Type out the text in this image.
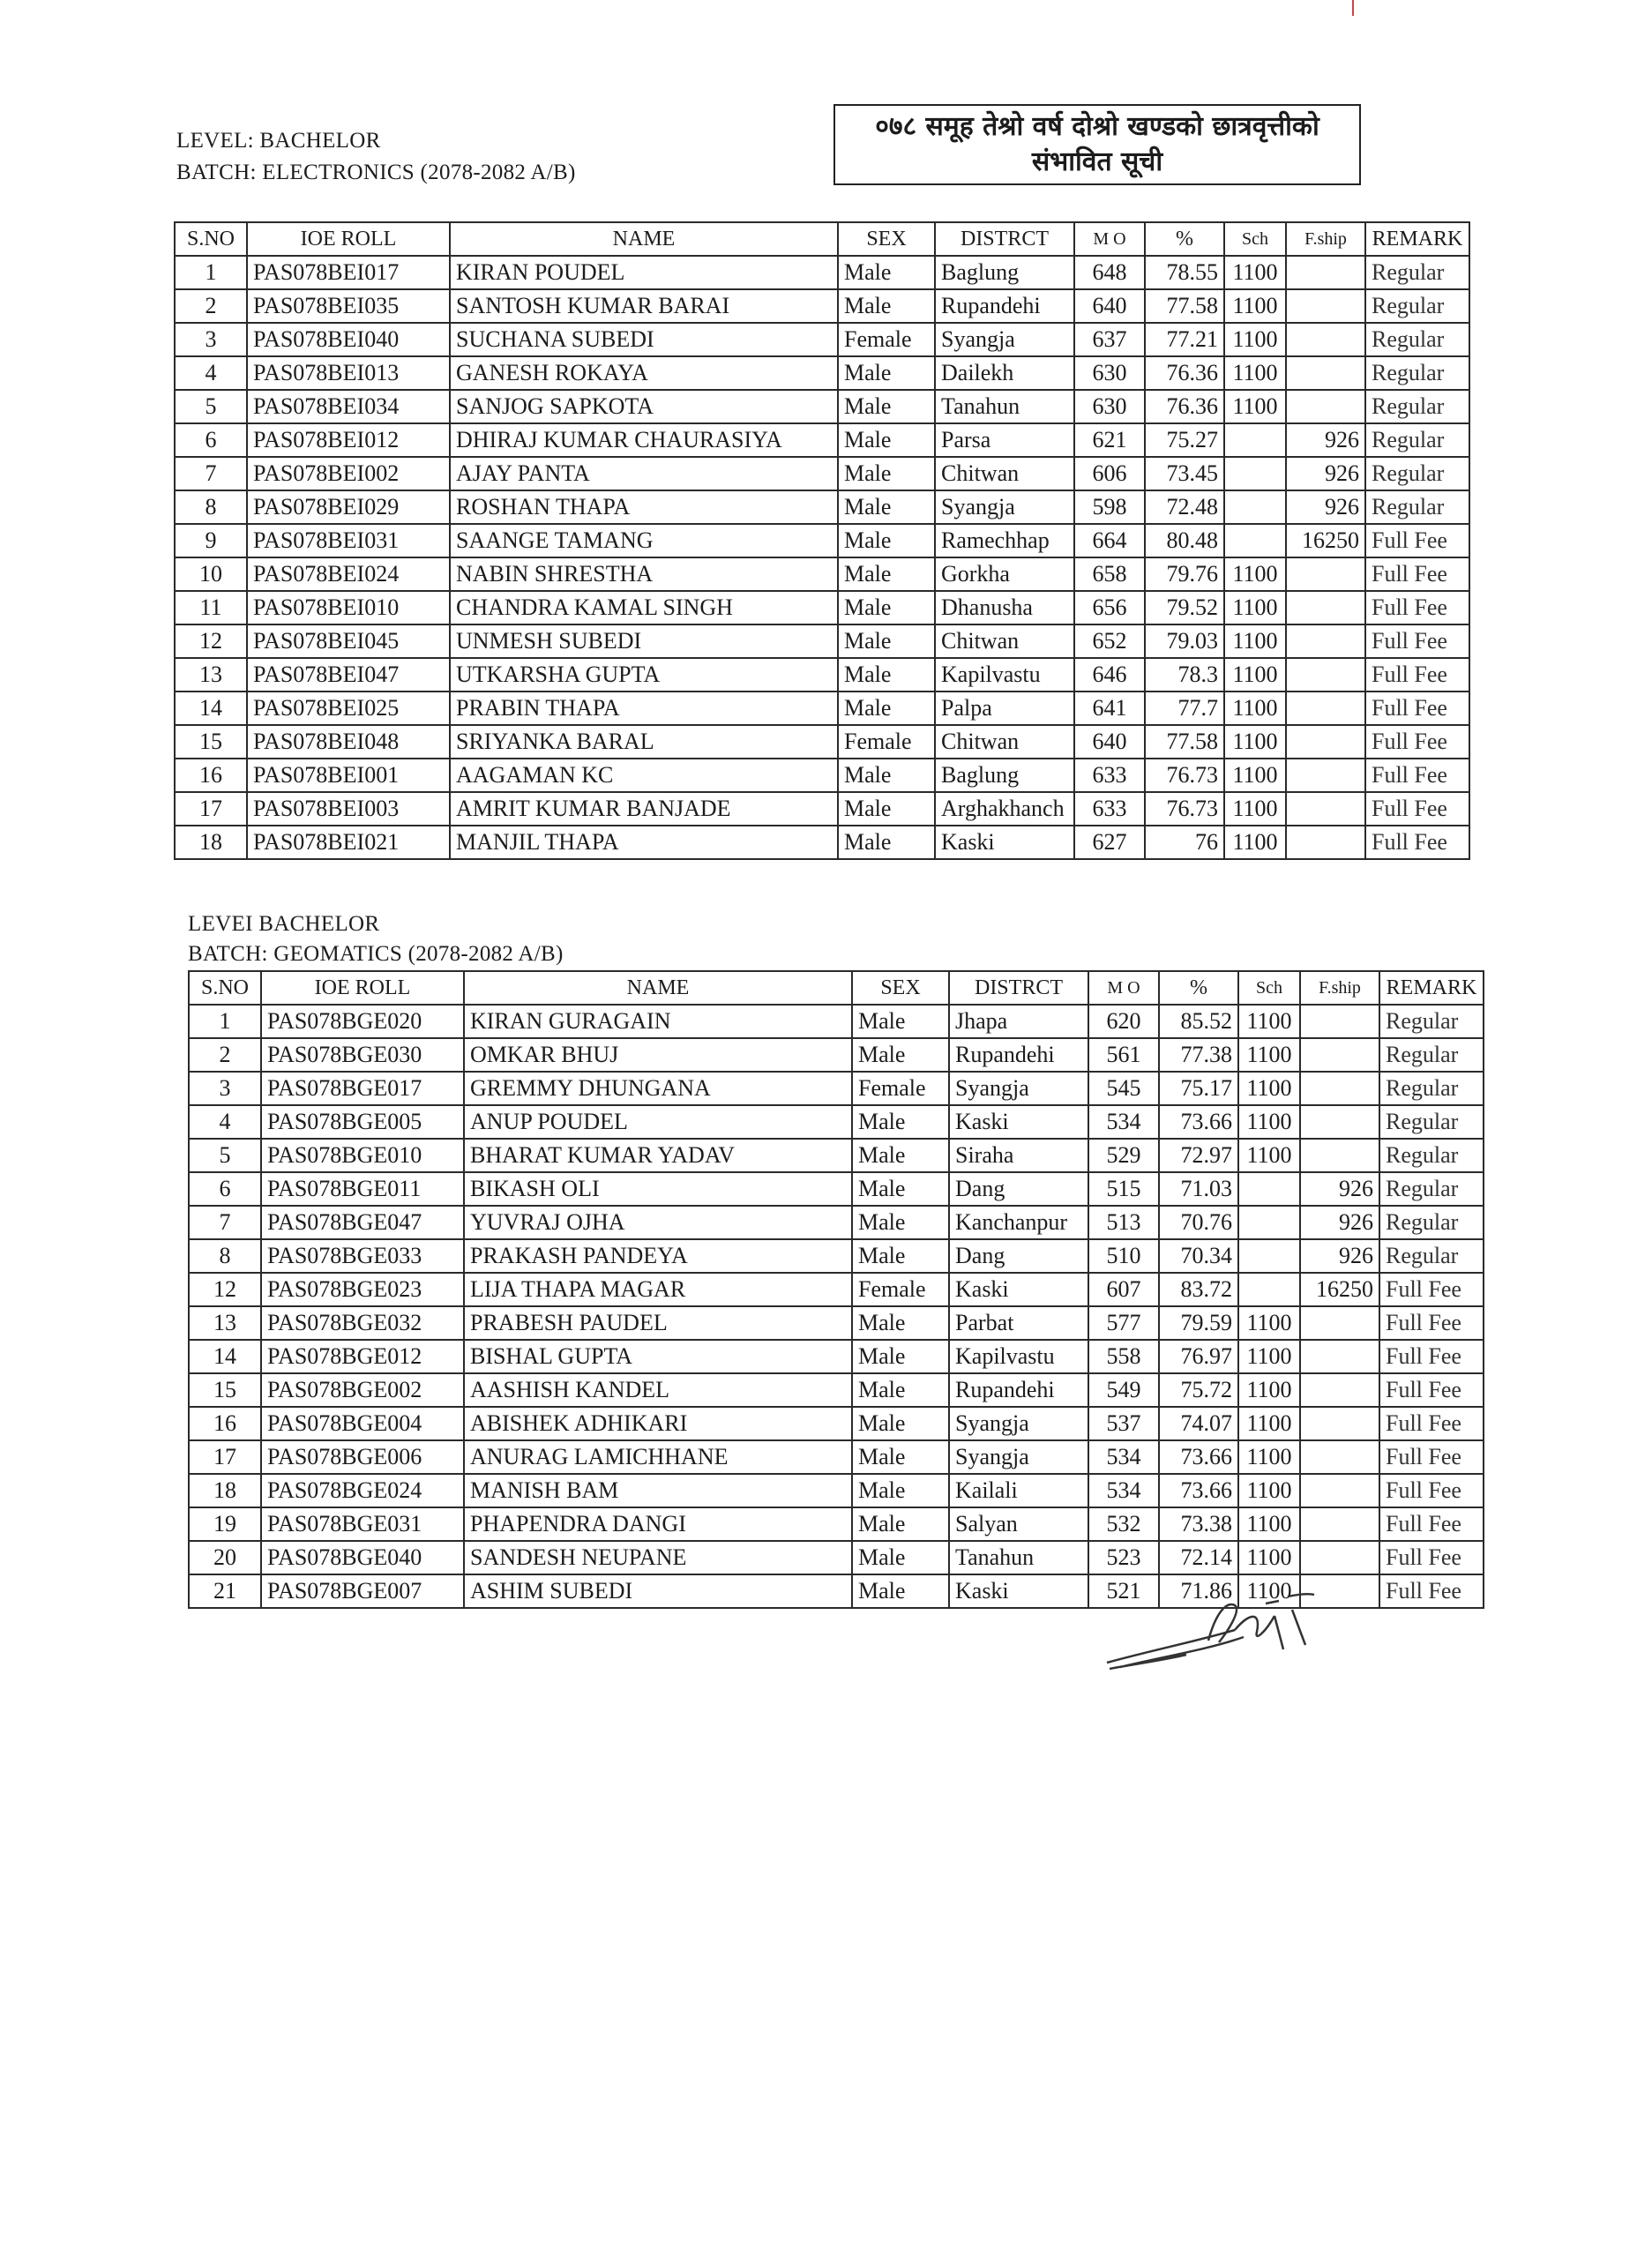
LEVEL: BACHELOR
BATCH: ELECTRONICS (2078-2082 A/B)
०७८ समूह तेश्रो वर्ष दोश्रो खण्डको छात्रवृत्तीको
संभावित सूची
S.NO	IOE ROLL	NAME	SEX	DISTRCT	M O	%	Sch	F.ship	REMARK
1	PAS078BEI017	KIRAN POUDEL	Male	Baglung	648	78.55	1100		Regular
2	PAS078BEI035	SANTOSH KUMAR BARAI	Male	Rupandehi	640	77.58	1100		Regular
3	PAS078BEI040	SUCHANA SUBEDI	Female	Syangja	637	77.21	1100		Regular
4	PAS078BEI013	GANESH ROKAYA	Male	Dailekh	630	76.36	1100		Regular
5	PAS078BEI034	SANJOG SAPKOTA	Male	Tanahun	630	76.36	1100		Regular
6	PAS078BEI012	DHIRAJ KUMAR CHAURASIYA	Male	Parsa	621	75.27		926	Regular
7	PAS078BEI002	AJAY PANTA	Male	Chitwan	606	73.45		926	Regular
8	PAS078BEI029	ROSHAN THAPA	Male	Syangja	598	72.48		926	Regular
9	PAS078BEI031	SAANGE TAMANG	Male	Ramechhap	664	80.48		16250	Full Fee
10	PAS078BEI024	NABIN SHRESTHA	Male	Gorkha	658	79.76	1100		Full Fee
11	PAS078BEI010	CHANDRA KAMAL SINGH	Male	Dhanusha	656	79.52	1100		Full Fee
12	PAS078BEI045	UNMESH SUBEDI	Male	Chitwan	652	79.03	1100		Full Fee
13	PAS078BEI047	UTKARSHA GUPTA	Male	Kapilvastu	646	78.3	1100		Full Fee
14	PAS078BEI025	PRABIN THAPA	Male	Palpa	641	77.7	1100		Full Fee
15	PAS078BEI048	SRIYANKA BARAL	Female	Chitwan	640	77.58	1100		Full Fee
16	PAS078BEI001	AAGAMAN KC	Male	Baglung	633	76.73	1100		Full Fee
17	PAS078BEI003	AMRIT KUMAR BANJADE	Male	Arghakhanch	633	76.73	1100		Full Fee
18	PAS078BEI021	MANJIL THAPA	Male	Kaski	627	76	1100		Full Fee
LEVEI BACHELOR
BATCH: GEOMATICS (2078-2082 A/B)
S.NO	IOE ROLL	NAME	SEX	DISTRCT	M O	%	Sch	F.ship	REMARK
1	PAS078BGE020	KIRAN GURAGAIN	Male	Jhapa	620	85.52	1100		Regular
2	PAS078BGE030	OMKAR BHUJ	Male	Rupandehi	561	77.38	1100		Regular
3	PAS078BGE017	GREMMY DHUNGANA	Female	Syangja	545	75.17	1100		Regular
4	PAS078BGE005	ANUP POUDEL	Male	Kaski	534	73.66	1100		Regular
5	PAS078BGE010	BHARAT KUMAR YADAV	Male	Siraha	529	72.97	1100		Regular
6	PAS078BGE011	BIKASH OLI	Male	Dang	515	71.03		926	Regular
7	PAS078BGE047	YUVRAJ OJHA	Male	Kanchanpur	513	70.76		926	Regular
8	PAS078BGE033	PRAKASH PANDEYA	Male	Dang	510	70.34		926	Regular
12	PAS078BGE023	LIJA THAPA MAGAR	Female	Kaski	607	83.72		16250	Full Fee
13	PAS078BGE032	PRABESH PAUDEL	Male	Parbat	577	79.59	1100		Full Fee
14	PAS078BGE012	BISHAL GUPTA	Male	Kapilvastu	558	76.97	1100		Full Fee
15	PAS078BGE002	AASHISH KANDEL	Male	Rupandehi	549	75.72	1100		Full Fee
16	PAS078BGE004	ABISHEK ADHIKARI	Male	Syangja	537	74.07	1100		Full Fee
17	PAS078BGE006	ANURAG LAMICHHANE	Male	Syangja	534	73.66	1100		Full Fee
18	PAS078BGE024	MANISH BAM	Male	Kailali	534	73.66	1100		Full Fee
19	PAS078BGE031	PHAPENDRA DANGI	Male	Salyan	532	73.38	1100		Full Fee
20	PAS078BGE040	SANDESH NEUPANE	Male	Tanahun	523	72.14	1100		Full Fee
21	PAS078BGE007	ASHIM SUBEDI	Male	Kaski	521	71.86	1100		Full Fee
